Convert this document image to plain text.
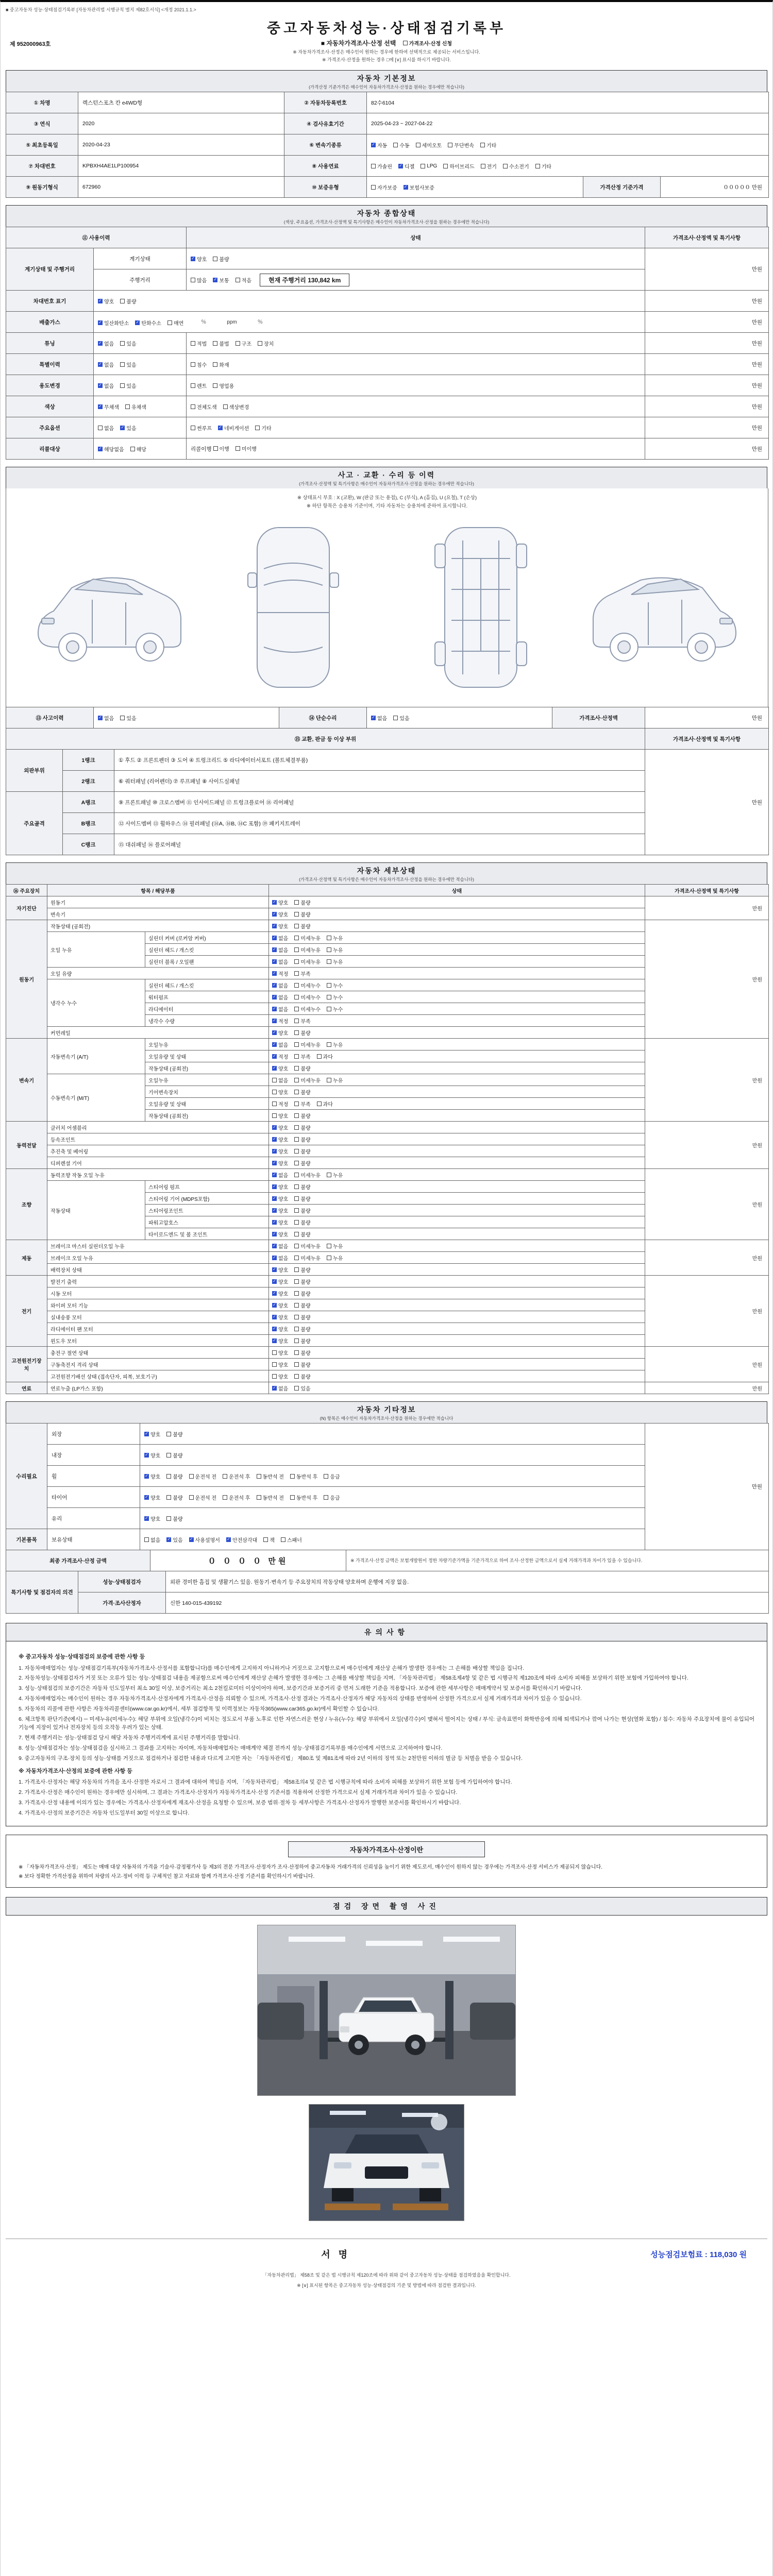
■ 중고자동차 성능·상태점검기록부 [자동차관리법 시행규칙 별지 제82호서식] <개정 2021.1.1.>
제 952000963호
중고자동차성능·상태점검기록부
■ 자동차가격조사·산정 선택	가격조사·산정 신청
※ 자동차가격조사·산정은 매수인이 원하는 경우에 한하여 선택적으로 제공되는 서비스입니다.
※ 가격조사·산정을 원하는 경우 □에 [∨] 표시를 하시기 바랍니다.
자동차 기본정보
(가격산정 기준가격은 매수인이 자동차가격조사·산정을 원하는 경우에만 적습니다)
① 차명	렉스턴스포츠 칸 e4WD형	② 자동차등록번호	82수6104		
③ 연식	2020	④ 검사유효기간	2025-04-23 ~ 2027-04-22		
⑤ 최초등록일	2020-04-23	⑥ 변속기종류	✓ 자동 수동 세미오토 무단변속 기타

⑦ 차대번호	KPBXH4AE1LP100954	⑧ 사용연료	가솔린 ✓ 디젤 LPG 하이브리드 전기 수소전기 기타

⑨ 원동기형식	672960	⑩ 보증유형	자가보증 ✓ 보험사보증	가격산정 기준가격	０００００ 만원
자동차 종합상태
(색상, 주요옵션, 가격조사·산정액 및 특기사항은 매수인이 자동차가격조사·산정을 원하는 경우에만 적습니다)
⑪ 사용이력		상태	가격조사·산정액 및 특기사항
계기상태 및 주행거리	계기상태	✓ 양호 불량	만원
	주행거리	많음 ✓ 보통 적음 현재 주행거리 130,842 km	
차대번호 표기	✓ 양호 불량		만원
배출가스	✓ 일산화탄소 ✓ 탄화수소 매연 　　％　　　　ppm　　　　％	만원
튜닝	✓ 없음 있음	적법 불법 구조 장치	만원
특별이력	✓ 없음 있음	침수 화재	만원
용도변경	✓ 없음 있음	렌트 영업용	만원
색상	✓ 무채색 유채색	전체도색 색상변경	만원
주요옵션	없음 ✓ 있음	썬루프 ✓ 네비게이션 기타	만원
리콜대상	✓ 해당없음 해당	리콜이행 이행 미이행	만원
사고 · 교환 · 수리 등 이력
(가격조사·산정액 및 특기사항은 매수인이 자동차가격조사·산정을 원하는 경우에만 적습니다)
※ 상태표시 부호 : X (교환), W (판금 또는 용접), C (부식), A (흠집), U (요철), T (손상)
※ 하단 항목은 승용차 기준이며, 기타 자동차는 승용차에 준하여 표시합니다.
⑬ 사고이력	✓ 없음 있음	⑭ 단순수리	✓ 없음 있음	가격조사·산정액	만원
⑮ 교환, 판금 등 이상 부위			가격조사·산정액 및 특기사항
외판부위	1랭크	① 후드 ② 프론트펜더 ③ 도어 ④ 트렁크리드 ⑤ 라디에이터서포트 (볼트체결부품)	만원
	2랭크	⑥ 쿼터패널 (리어펜더) ⑦ 루프패널 ⑧ 사이드실패널	
주요골격	A랭크	⑨ 프론트패널 ⑩ 크로스멤버 ⑪ 인사이드패널 ⑰ 트렁크플로어 ⑱ 리어패널	
	B랭크	⑫ 사이드멤버 ⑬ 휠하우스 ⑭ 필러패널 (⑭A, ⑭B, ⑭C 포함) ⑲ 패키지트레이	
	C랭크	⑮ 대쉬패널 ⑯ 플로어패널	
자동차 세부상태
(가격조사·산정액 및 특기사항은 매수인이 자동차가격조사·산정을 원하는 경우에만 적습니다)
⑯ 주요장치	항목 / 해당부품		상태	가격조사·산정액 및 특기사항
자기진단	원동기		✓ 양호 불량	만원
	변속기		✓ 양호 불량	

원동기	작동상태 (공회전)		✓ 양호 불량	만원
	오일 누유	실린더 커버 (로커암 커버)	✓ 없음 미세누유 누유	

		실린더 헤드 / 개스킷	✓ 없음 미세누유 누유	

		실린더 블록 / 오일팬	✓ 없음 미세누유 누유	

	오일 유량		✓ 적정 부족	

	냉각수 누수	실린더 헤드 / 개스킷	✓ 없음 미세누수 누수	

		워터펌프	✓ 없음 미세누수 누수	

		라디에이터	✓ 없음 미세누수 누수	

		냉각수 수량	✓ 적정 부족	

	커먼레일		✓ 양호 불량	

변속기	자동변속기 (A/T)	오일누유	✓ 없음 미세누유 누유	만원
		오일유량 및 상태	✓ 적정 부족 과다	

		작동상태 (공회전)	✓ 양호 불량	

	수동변속기 (M/T)	오일누유	없음 미세누유 누유	

		기어변속장치	양호 불량	

		오일유량 및 상태	적정 부족 과다	

		작동상태 (공회전)	양호 불량	

동력전달	클러치 어셈블리		✓ 양호 불량	만원
	등속조인트		✓ 양호 불량	

	추진축 및 베어링		✓ 양호 불량	

	디퍼렌셜 기어		✓ 양호 불량	

조향	동력조향 작동 오일 누유		✓ 없음 미세누유 누유	만원
	작동상태	스티어링 펌프	✓ 양호 불량	

		스티어링 기어 (MDPS포함)	✓ 양호 불량	

		스티어링조인트	✓ 양호 불량	

		파워고압호스	✓ 양호 불량	

		타이로드엔드 및 볼 조인트	✓ 양호 불량	

제동	브레이크 마스터 실린더오일 누유		✓ 없음 미세누유 누유	만원
	브레이크 오일 누유		✓ 없음 미세누유 누유	

	배력장치 상태		✓ 양호 불량	

전기	발전기 출력		✓ 양호 불량	만원
	시동 모터		✓ 양호 불량	

	와이퍼 모터 기능		✓ 양호 불량	

	실내송풍 모터		✓ 양호 불량	

	라디에이터 팬 모터		✓ 양호 불량	

	윈도우 모터		✓ 양호 불량	

고전원전기장치	충전구 절연 상태		양호 불량	만원
	구동축전지 격리 상태		양호 불량	

	고전원전기배선 상태 (접속단자, 피복, 보호기구)		양호 불량	

연료	연료누출 (LP가스 포함)		✓ 없음 있음	만원
자동차 기타정보
(N) 항목은 매수인이 자동차가격조사·산정을 원하는 경우에만 적습니다
수리필요	외장	✓ 양호 불량	만원
	내장	✓ 양호 불량	

휠	✓ 양호 불량 운전석 전 운전석 후 동반석 전 동반석 후 응급

타이어	✓ 양호 불량 운전석 전 운전석 후 동반석 전 동반석 후 응급

	유리	✓ 양호 불량	

기본품목	보유상태	없음 ✓ 있음 ✓ 사용설명서 ✓ 안전삼각대 잭 스패너
최종 가격조사·산정 금액	０ ０ ０ ０ 만원	※ 가격조사·산정 금액은 보험개발원이 정한 차량기준가액을 기준가격으로 하여 조사·산정한 금액으로서 실제 거래가격과 차이가 있을 수 있습니다.
특기사항 및 점검자의 의견	성능·상태점검자	외판 경미한 흠집 및 생활기스 있음. 원동기·변속기 등 주요장치의 작동상태 양호하며 운행에 지장 없음.
	가격·조사산정자	신한 140-015-439192
유의사항
※ 중고자동차 성능·상태점검의 보증에 관한 사항 등
1. 자동차매매업자는 성능·상태점검기록부(자동차가격조사·산정서를 포함합니다)를 매수인에게 고지하지 아니하거나 거짓으로 고지함으로써 매수인에게 재산상 손해가 발생한 경우에는 그 손해를 배상할 책임을 집니다.
2. 자동차성능·상태점검자가 거짓 또는 오류가 있는 성능·상태점검 내용을 제공함으로써 매수인에게 재산상 손해가 발생한 경우에는 그 손해를 배상할 책임을 지며, 「자동차관리법」 제58조제4항 및 같은 법 시행규칙 제120조에 따라 소비자 피해를 보상하기 위한 보험에 가입하여야 합니다.
3. 성능·상태점검의 보증기간은 자동차 인도일부터 최소 30일 이상, 보증거리는 최소 2천킬로미터 이상이어야 하며, 보증기간과 보증거리 중 먼저 도래한 기준을 적용합니다. 보증에 관한 세부사항은 매매계약서 및 보증서를 확인하시기 바랍니다.
4. 자동차매매업자는 매수인이 원하는 경우 자동차가격조사·산정자에게 가격조사·산정을 의뢰할 수 있으며, 가격조사·산정 결과는 가격조사·산정자가 해당 자동차의 상태를 반영하여 산정한 가격으로서 실제 거래가격과 차이가 있을 수 있습니다.
5. 자동차의 리콜에 관한 사항은 자동차리콜센터(www.car.go.kr)에서, 세부 점검항목 및 이력정보는 자동차365(www.car365.go.kr)에서 확인할 수 있습니다.
6. 체크항목 판단기준(예시) ─ 미세누유(미세누수): 해당 부위에 오일(냉각수)이 비치는 정도로서 부품 노후로 인한 자연스러운 현상 / 누유(누수): 해당 부위에서 오일(냉각수)이 맺혀서 떨어지는 상태 / 부식: 금속표면이 화학반응에 의해 퇴색되거나 깎여 나가는 현상(열화 포함) / 침수: 자동차 주요장치에 물이 유입되어 기능에 지장이 있거나 전자장치 등의 오작동 우려가 있는 상태.
7. 현재 주행거리는 성능·상태점검 당시 해당 자동차 주행거리계에 표시된 주행거리를 말합니다.
8. 성능·상태점검자는 성능·상태점검을 실시하고 그 결과를 고지하는 자이며, 자동차매매업자는 매매계약 체결 전까지 성능·상태점검기록부를 매수인에게 서면으로 고지하여야 합니다.
9. 중고자동차의 구조·장치 등의 성능·상태를 거짓으로 점검하거나 점검한 내용과 다르게 고지한 자는 「자동차관리법」 제80조 및 제81조에 따라 2년 이하의 징역 또는 2천만원 이하의 벌금 등 처벌을 받을 수 있습니다.
※ 자동차가격조사·산정의 보증에 관한 사항 등
1. 가격조사·산정자는 해당 자동차의 가격을 조사·산정한 자로서 그 결과에 대하여 책임을 지며, 「자동차관리법」 제58조의4 및 같은 법 시행규칙에 따라 소비자 피해를 보상하기 위한 보험 등에 가입하여야 합니다.
2. 가격조사·산정은 매수인이 원하는 경우에만 실시하며, 그 결과는 가격조사·산정자가 자동차가격조사·산정 기준서를 적용하여 산정한 가격으로서 실제 거래가격과 차이가 있을 수 있습니다.
3. 가격조사·산정 내용에 이의가 있는 경우에는 가격조사·산정자에게 재조사·산정을 요청할 수 있으며, 보증 범위·절차 등 세부사항은 가격조사·산정자가 발행한 보증서를 확인하시기 바랍니다.
4. 가격조사·산정의 보증기간은 자동차 인도일부터 30일 이상으로 합니다.
자동차가격조사·산정이란
※ 「자동차가격조사·산정」 제도는 매매 대상 자동차의 가격을 기술사·감정평가사 등 제3의 전문 가격조사·산정자가 조사·산정하여 중고자동차 거래가격의 신뢰성을 높이기 위한 제도로서, 매수인이 원하지 않는 경우에는 가격조사·산정 서비스가 제공되지 않습니다.
※ 보다 정확한 가격산정을 위하여 차량의 사고·정비 이력 등 구체적인 참고 자료와 함께 가격조사·산정 기준서를 확인하시기 바랍니다.
점검 장면 촬영 사진
서명	성능점검보험료 : 118,030 원
「자동차관리법」 제58조 및 같은 법 시행규칙 제120조에 따라 위와 같이 중고자동차 성능·상태를 점검하였음을 확인합니다.
※ [∨] 표시된 항목은 중고자동차 성능·상태점검의 기준 및 방법에 따라 점검한 결과입니다.
